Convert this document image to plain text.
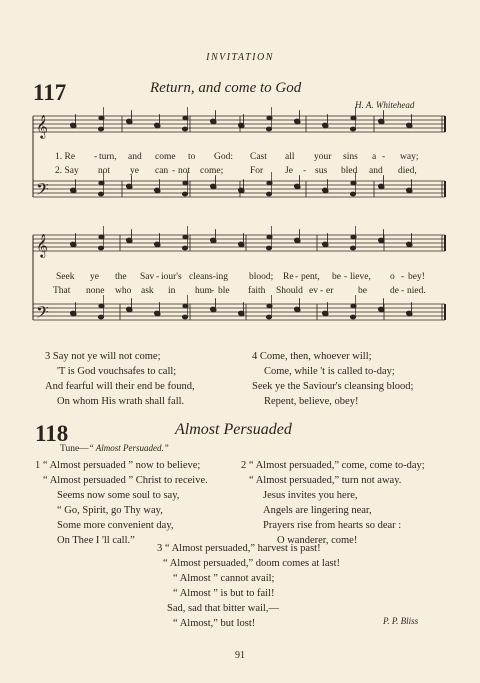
INVITATION
117	Return, and come to God
H. A. Whitehead
𝄞
𝄢
𝄞
𝄢
1. Re - turn, and come to God: Cast all your sins a - way;
2. Say not ye can - not come;	For Je - sus bled and died,
Seek ye the Sav - iour's cleans-ing blood; Re - pent, be - lieve, o - bey!
That none who ask in hum - ble faith Should ev - er	be de - nied.
3 Say not ye will not come;
'T is God vouchsafes to call;
And fearful will their end be found,
On whom His wrath shall fall.
4 Come, then, whoever will;
Come, while 't is called to-day;
Seek ye the Saviour's cleansing blood;
Repent, believe, obey!
118	Almost Persuaded
Tune—“ Almost Persuaded.”
1 “ Almost persuaded ” now to believe;
“ Almost persuaded ” Christ to receive.
Seems now some soul to say,
“ Go, Spirit, go Thy way,
Some more convenient day,
On Thee I 'll call.”
2 “ Almost persuaded,” come, come to-day;
“ Almost persuaded,” turn not away.
Jesus invites you here,
Angels are lingering near,
Prayers rise from hearts so dear :
O wanderer, come!
3 “ Almost persuaded,” harvest is past!
“ Almost persuaded,” doom comes at last!
“ Almost ” cannot avail;
“ Almost ” is but to fail!
Sad, sad that bitter wail,—
“ Almost,” but lost!	P. P. Bliss
91
